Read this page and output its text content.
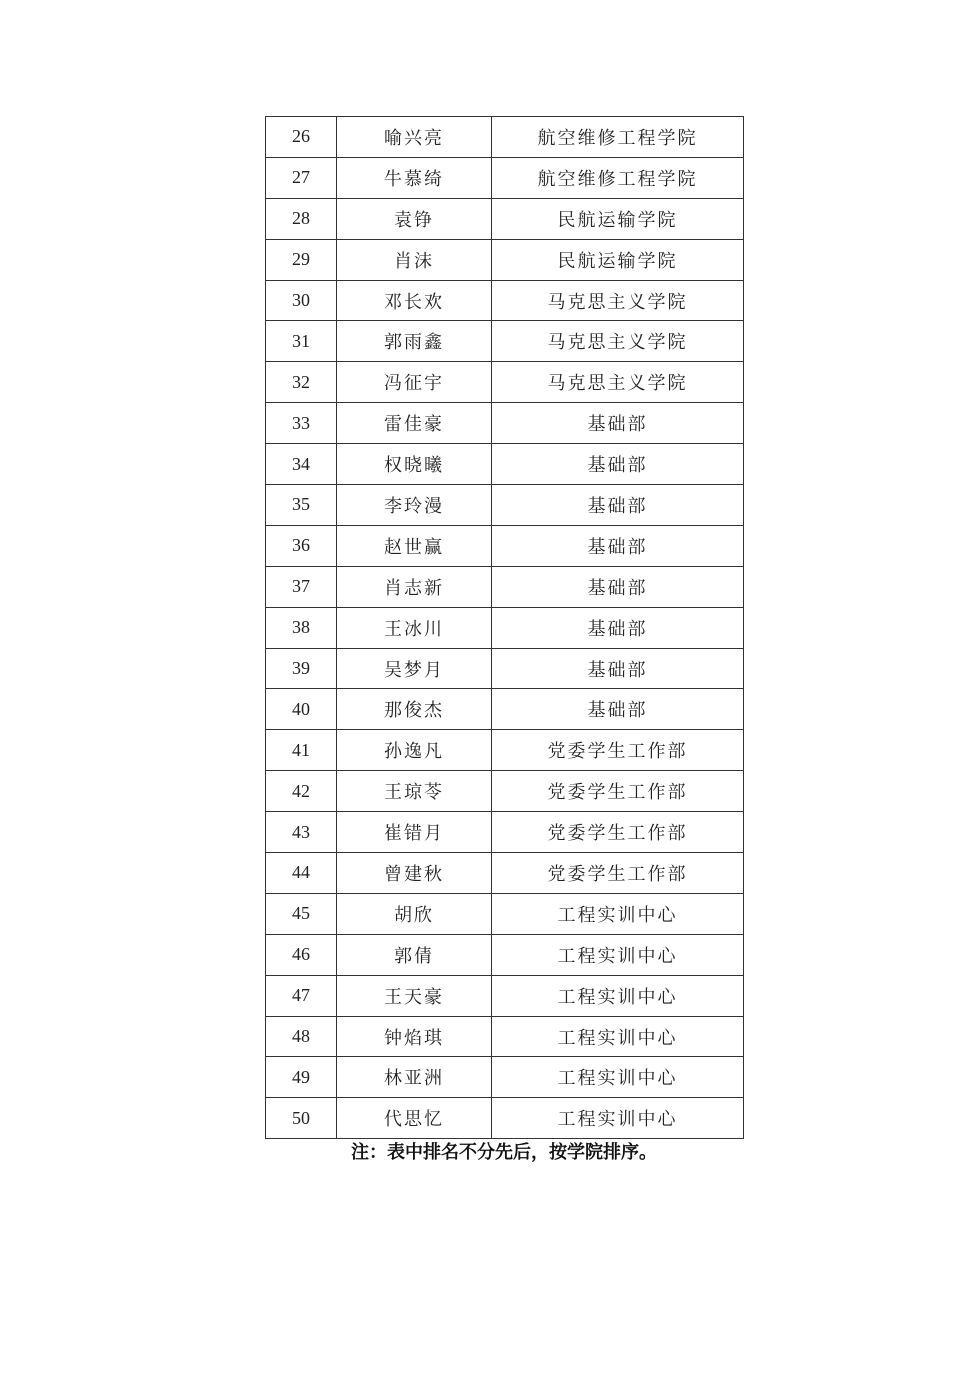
26	喻兴亮	航空维修工程学院
27	牛慕绮	航空维修工程学院
28	袁铮	民航运输学院
29	肖沫	民航运输学院
30	邓长欢	马克思主义学院
31	郭雨鑫	马克思主义学院
32	冯征宇	马克思主义学院
33	雷佳豪	基础部
34	权晓曦	基础部
35	李玲漫	基础部
36	赵世赢	基础部
37	肖志新	基础部
38	王冰川	基础部
39	吴梦月	基础部
40	那俊杰	基础部
41	孙逸凡	党委学生工作部
42	王琼苓	党委学生工作部
43	崔错月	党委学生工作部
44	曾建秋	党委学生工作部
45	胡欣	工程实训中心
46	郭倩	工程实训中心
47	王天豪	工程实训中心
48	钟焰琪	工程实训中心
49	林亚洲	工程实训中心
50	代思忆	工程实训中心
注：表中排名不分先后，按学院排序。
